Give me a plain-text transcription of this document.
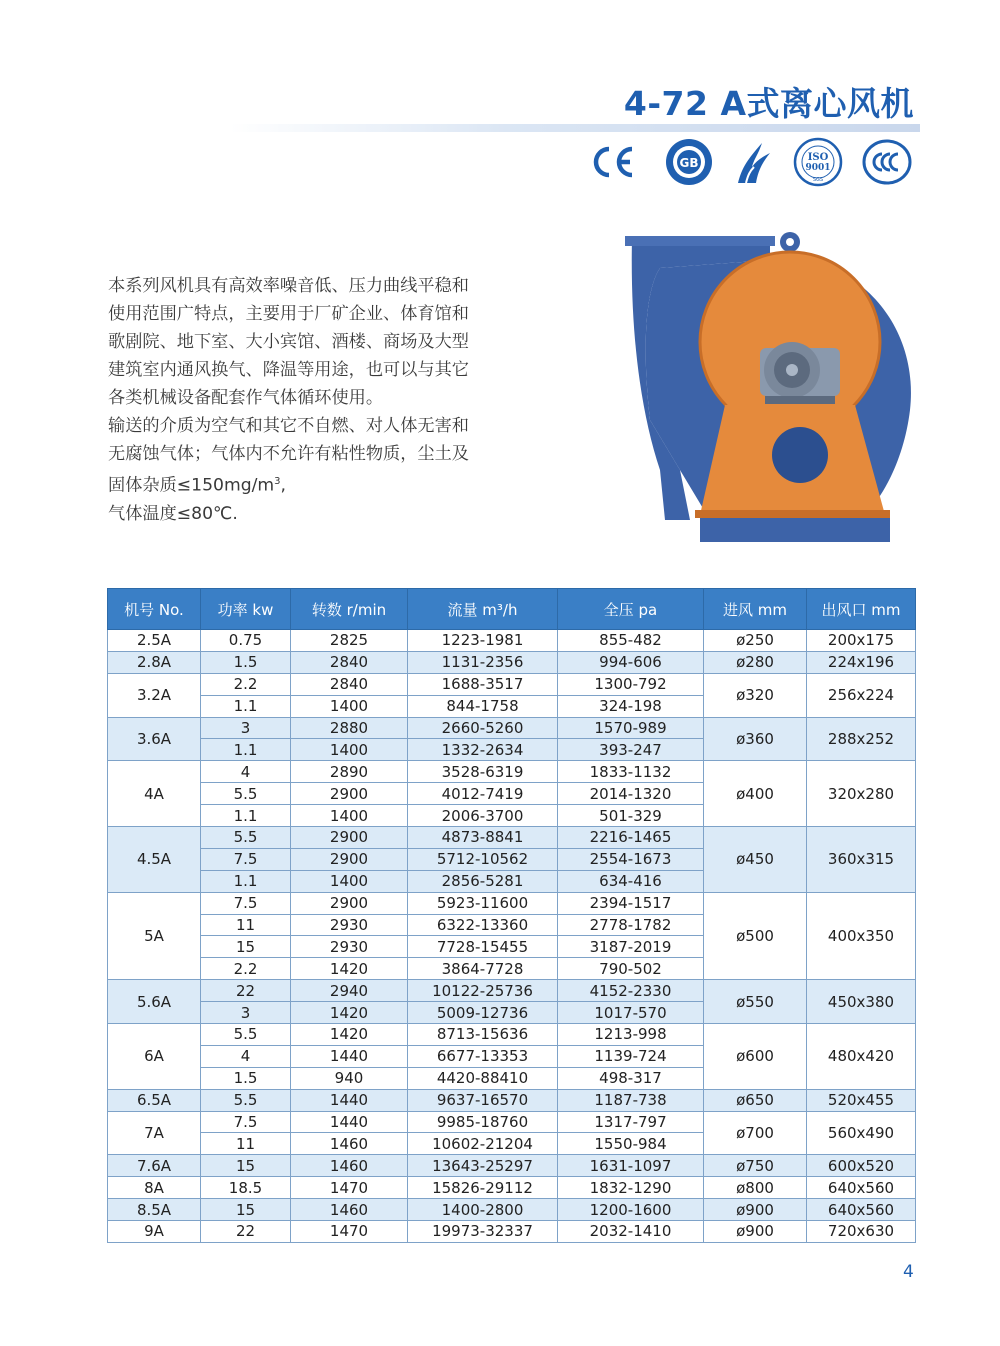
4-72 A式离心风机
GB	ISO
9001
SGS

本系列风机具有高效率噪音低、压力曲线平稳和

使用范围广特点，主要用于厂矿企业、体育馆和

歌剧院、地下室、大小宾馆、酒楼、商场及大型

建筑室内通风换气、降温等用途，也可以与其它

各类机械设备配套作气体循环使用。

输送的介质为空气和其它不自燃、对人体无害和

无腐蚀气体；气体内不允许有粘性物质，尘土及

固体杂质$\le 150mg/m^3$,

气体温度≤80℃.

机号 No.	功率 kw	转数 r/min	流量 m³/h	全压 pa	进风 mm	出风口 mm
2.5A	0.75	2825	1223-1981	855-482	ø250	200x175
2.8A	1.5	2840	1131-2356	994-606	ø280	224x196
3.2A	2.2	2840	1688-3517	1300-792	ø320	256x224
	1.1	1400	844-1758	324-198		
3.6A	3	2880	2660-5260	1570-989	ø360	288x252
	1.1	1400	1332-2634	393-247		
4A	4	2890	3528-6319	1833-1132	ø400	320x280
	5.5	2900	4012-7419	2014-1320		
	1.1	1400	2006-3700	501-329		
4.5A	5.5	2900	4873-8841	2216-1465	ø450	360x315
	7.5	2900	5712-10562	2554-1673		
	1.1	1400	2856-5281	634-416		
5A	7.5	2900	5923-11600	2394-1517	ø500	400x350
	11	2930	6322-13360	2778-1782		
	15	2930	7728-15455	3187-2019		
	2.2	1420	3864-7728	790-502		
5.6A	22	2940	10122-25736	4152-2330	ø550	450x380
	3	1420	5009-12736	1017-570		
6A	5.5	1420	8713-15636	1213-998	ø600	480x420
	4	1440	6677-13353	1139-724		
	1.5	940	4420-88410	498-317		
6.5A	5.5	1440	9637-16570	1187-738	ø650	520x455
7A	7.5	1440	9985-18760	1317-797	ø700	560x490
	11	1460	10602-21204	1550-984		
7.6A	15	1460	13643-25297	1631-1097	ø750	600x520
8A	18.5	1470	15826-29112	1832-1290	ø800	640x560
8.5A	15	1460	1400-2800	1200-1600	ø900	640x560
9A	22	1470	19973-32337	2032-1410	ø900	720x630
4
